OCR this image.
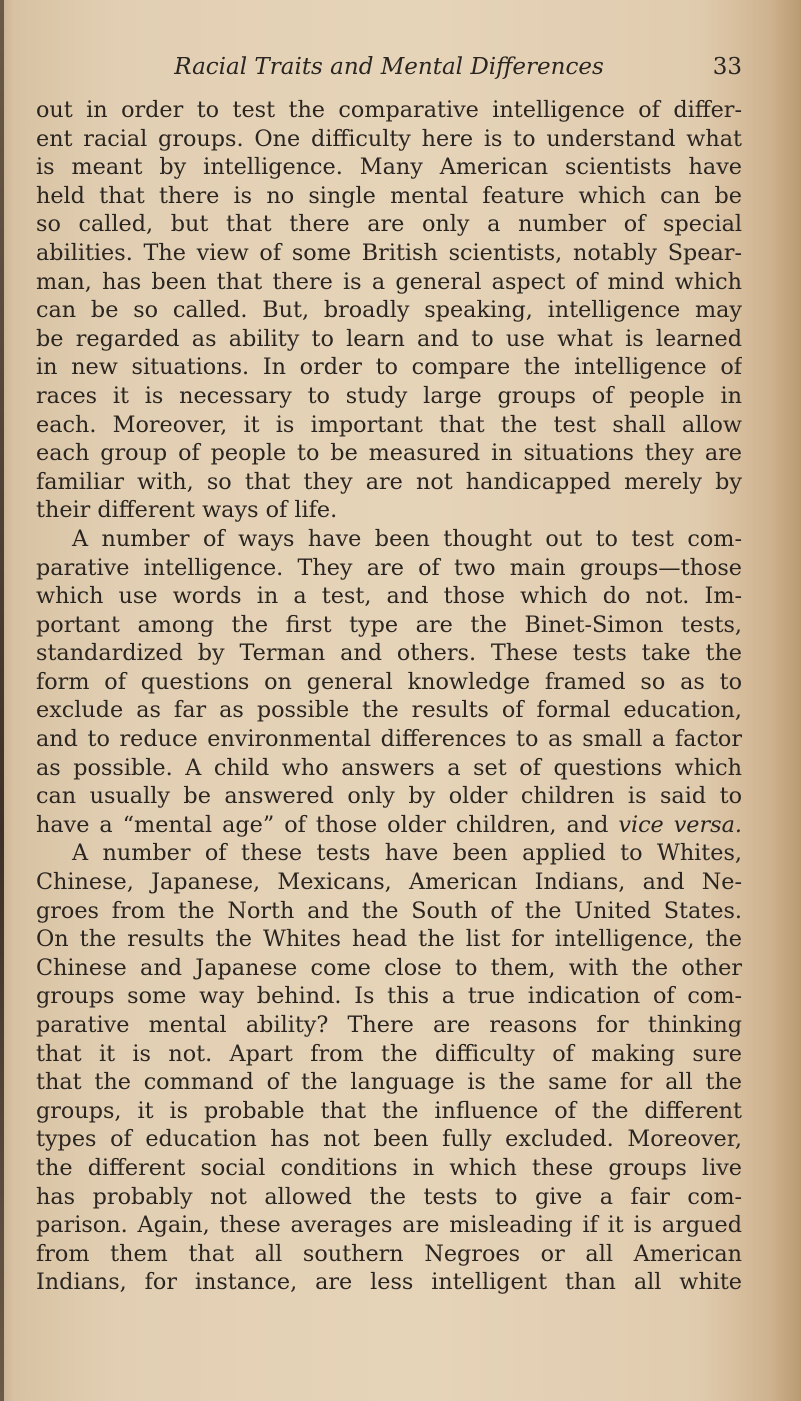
Racial Traits and Mental Differences	33
out in order to test the comparative intelligence of differ-
ent racial groups. One difficulty here is to understand what
is meant by intelligence. Many American scientists have
held that there is no single mental feature which can be
so called, but that there are only a number of special
abilities. The view of some British scientists, notably Spear-
man, has been that there is a general aspect of mind which
can be so called. But, broadly speaking, intelligence may
be regarded as ability to learn and to use what is learned
in new situations. In order to compare the intelligence of
races it is necessary to study large groups of people in
each. Moreover, it is important that the test shall allow
each group of people to be measured in situations they are
familiar with, so that they are not handicapped merely by
their different ways of life.
A number of ways have been thought out to test com-
parative intelligence. They are of two main groups—those
which use words in a test, and those which do not. Im-
portant among the first type are the Binet-Simon tests,
standardized by Terman and others. These tests take the
form of questions on general knowledge framed so as to
exclude as far as possible the results of formal education,
and to reduce environmental differences to as small a factor
as possible. A child who answers a set of questions which
can usually be answered only by older children is said to
have a “mental age” of those older children, and vice versa.
A number of these tests have been applied to Whites,
Chinese, Japanese, Mexicans, American Indians, and Ne-
groes from the North and the South of the United States.
On the results the Whites head the list for intelligence, the
Chinese and Japanese come close to them, with the other
groups some way behind. Is this a true indication of com-
parative mental ability? There are reasons for thinking
that it is not. Apart from the difficulty of making sure
that the command of the language is the same for all the
groups, it is probable that the influence of the different
types of education has not been fully excluded. Moreover,
the different social conditions in which these groups live
has probably not allowed the tests to give a fair com-
parison. Again, these averages are misleading if it is argued
from them that all southern Negroes or all American
Indians, for instance, are less intelligent than all white
